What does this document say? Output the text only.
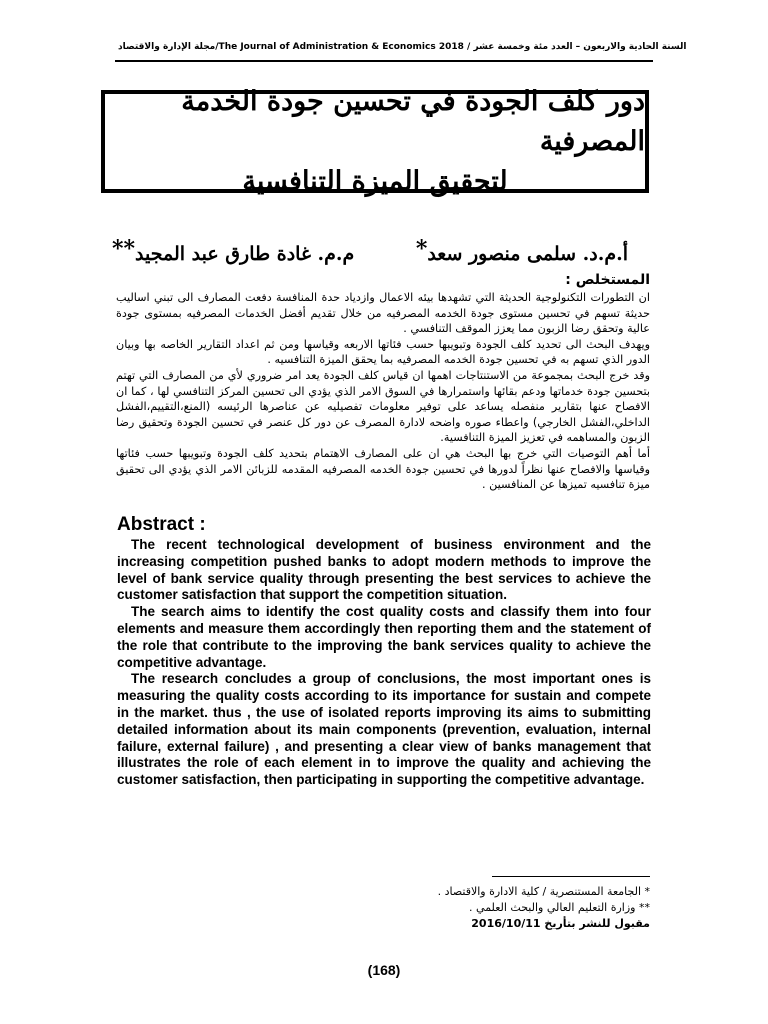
مجلة الإدارة والاقتصاد/The Journal of Administration & Economics السنة الحادية والاربعون – العدد مئة وخمسة عشر / 2018
دور كلف الجودة في تحسين جودة الخدمة المصرفية
لتحقيق الميزة التنافسية
أ.م.د. سلمى منصور سعد*
م.م. غادة طارق عبد المجيد**
المستخلص :

ان التطورات التكنولوجية الحديثة التي تشهدها بيئه الاعمال وازدياد حدة المنافسة دفعت المصارف الى تبني اساليب حديثة تسهم في تحسين مستوى جودة الخدمه المصرفيه من خلال تقديم أفضل الخدمات المصرفيه بمستوى جودة عالية وتحقق رضا الزبون مما يعزز الموقف التنافسي .

ويهدف البحث الى تحديد كلف الجودة وتبويبها حسب فئاتها الاربعه وقياسها ومن ثم اعداد التقارير الخاصه بها وبيان الدور الذي تسهم به في تحسين جودة الخدمه المصرفيه بما يحقق الميزة التنافسيه .

وقد خرج البحث بمجموعة من الاستنتاجات اهمها ان قياس كلف الجودة يعد امر ضروري لأي من المصارف التي تهتم بتحسين جودة خدماتها ودعم بقائها واستمرارها في السوق الامر الذي يؤدي الى تحسين المركز التنافسي لها ، كما ان الافصاح عنها بتقارير منفصله يساعد على توفير معلومات تفصيليه عن عناصرها الرئيسه (المنع،التقييم،الفشل الداخلي،الفشل الخارجي) واعطاء صوره واضحه لادارة المصرف عن دور كل عنصر في تحسين الجودة وتحقيق رضا الزبون والمساهمه في تعزيز الميزة التنافسية.

أما أهم التوصيات التي خرج بها البحث هي ان على المصارف الاهتمام بتحديد كلف الجودة وتبويبها حسب فئاتها وقياسها والافصاح عنها نظراً لدورها في تحسين جودة الخدمه المصرفيه المقدمه للزبائن الامر الذي يؤدي الى تحقيق ميزة تنافسيه تميزها عن المنافسين .

Abstract :

The recent technological development of business environment and the increasing competition pushed banks to adopt modern methods to improve the level of bank service quality through presenting the best services to achieve the customer satisfaction that support the competition situation.

The search aims to identify the cost quality costs and classify them into four elements and measure them accordingly then reporting them and the statement of the role that contribute to the improving the bank services quality to achieve the competitive advantage.

The research concludes a group of conclusions, the most important ones is measuring the quality costs according to its importance for sustain and compete in the market. thus , the use of isolated reports improving its aims to submitting detailed information about its main components (prevention, evaluation, internal failure, external failure) , and presenting a clear view of banks management that illustrates the role of each element in to improve the quality and achieving the customer satisfaction, then participating in supporting the competitive advantage.

* الجامعة المستنصرية / كلية الادارة والاقتصاد .
** وزارة التعليم العالي والبحث العلمي .
مقبول للنشر بتأريخ 2016/10/11
(168)
